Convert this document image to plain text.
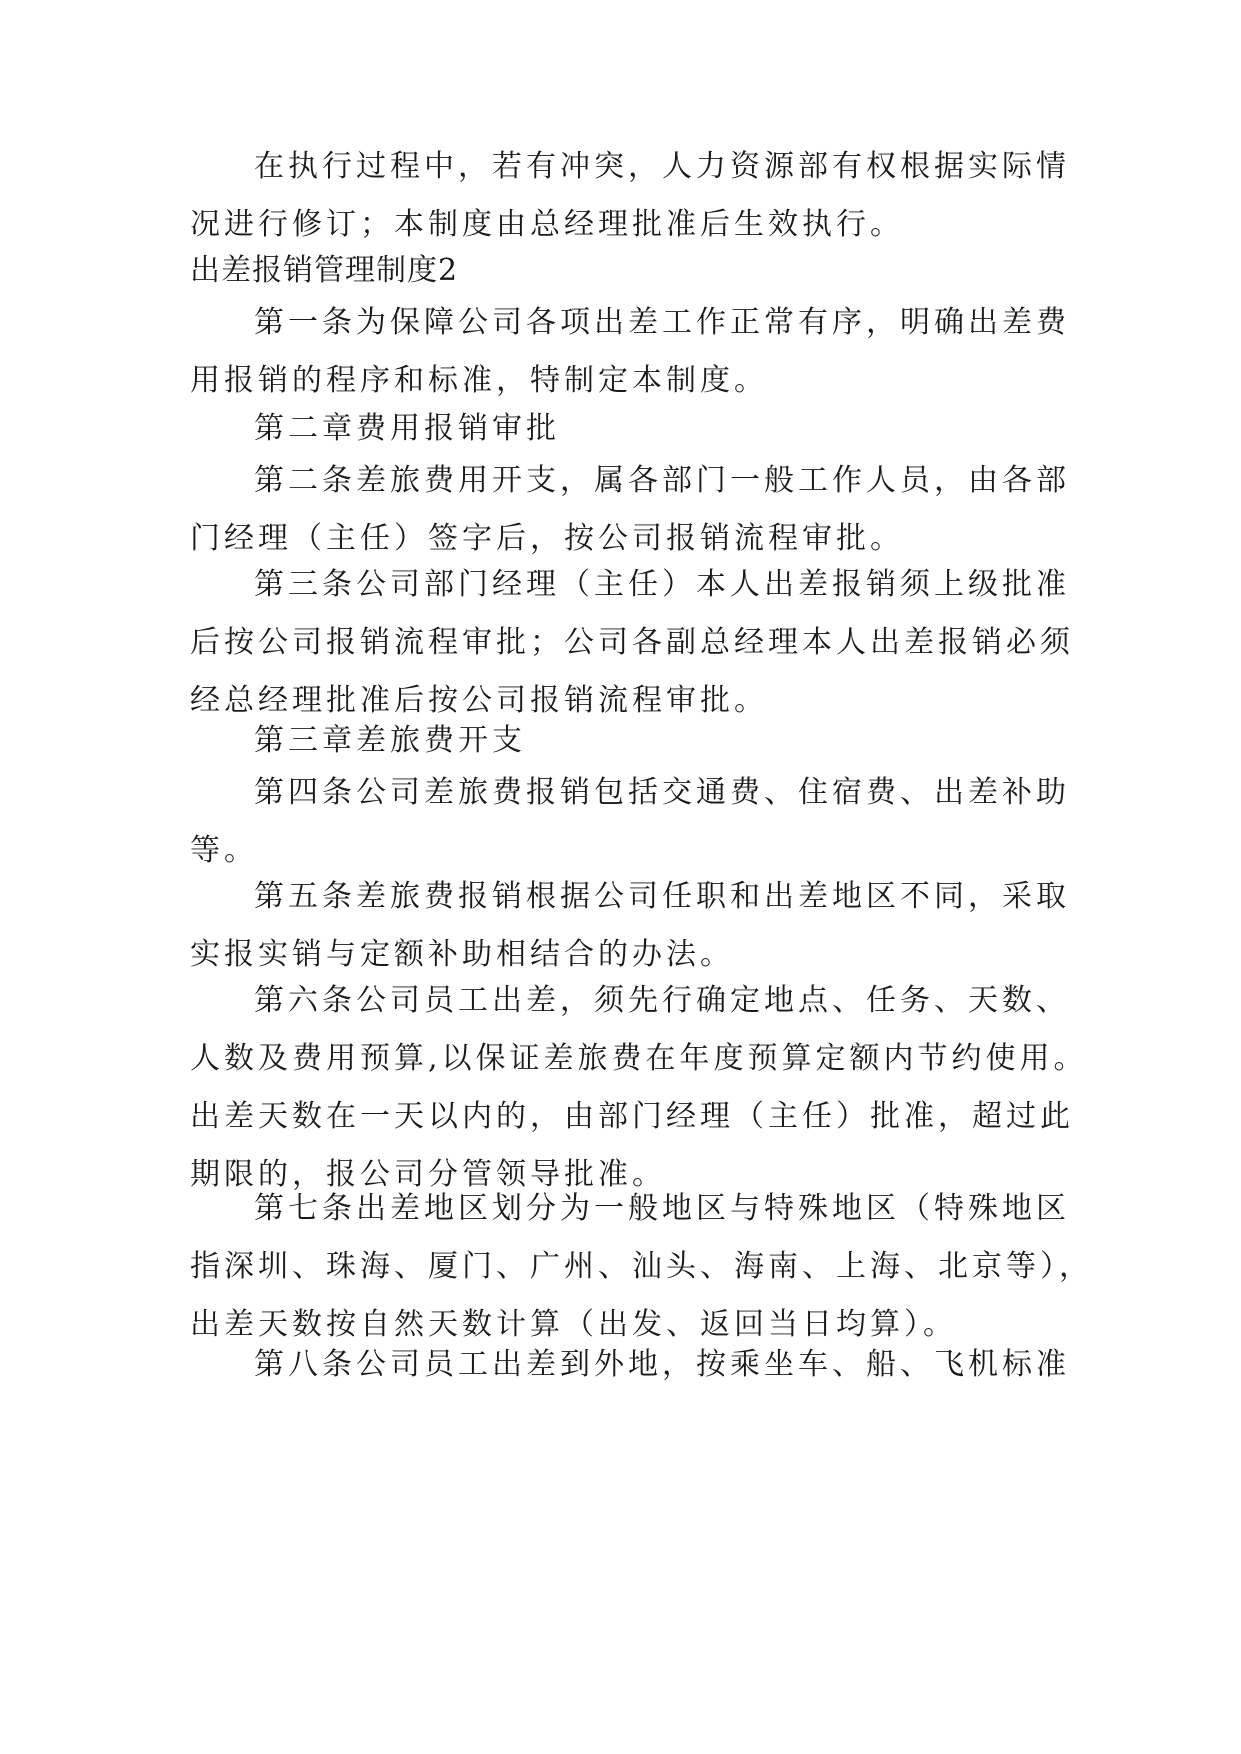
在执行过程中，若有冲突，人力资源部有权根据实际情
况进行修订；本制度由总经理批准后生效执行。
出差报销管理制度2
第一条为保障公司各项出差工作正常有序，明确出差费
用报销的程序和标准，特制定本制度。
第二章费用报销审批
第二条差旅费用开支，属各部门一般工作人员，由各部
门经理（主任）签字后，按公司报销流程审批。
第三条公司部门经理（主任）本人出差报销须上级批准
后按公司报销流程审批；公司各副总经理本人出差报销必须
经总经理批准后按公司报销流程审批。
第三章差旅费开支
第四条公司差旅费报销包括交通费、住宿费、出差补助
等。
第五条差旅费报销根据公司任职和出差地区不同，采取
实报实销与定额补助相结合的办法。
第六条公司员工出差，须先行确定地点、任务、天数、
人数及费用预算,以保证差旅费在年度预算定额内节约使用。
出差天数在一天以内的，由部门经理（主任）批准，超过此
期限的，报公司分管领导批准。
第七条出差地区划分为一般地区与特殊地区（特殊地区
指深圳、珠海、厦门、广州、汕头、海南、上海、北京等），
出差天数按自然天数计算（出发、返回当日均算）。
第八条公司员工出差到外地，按乘坐车、船、飞机标准
